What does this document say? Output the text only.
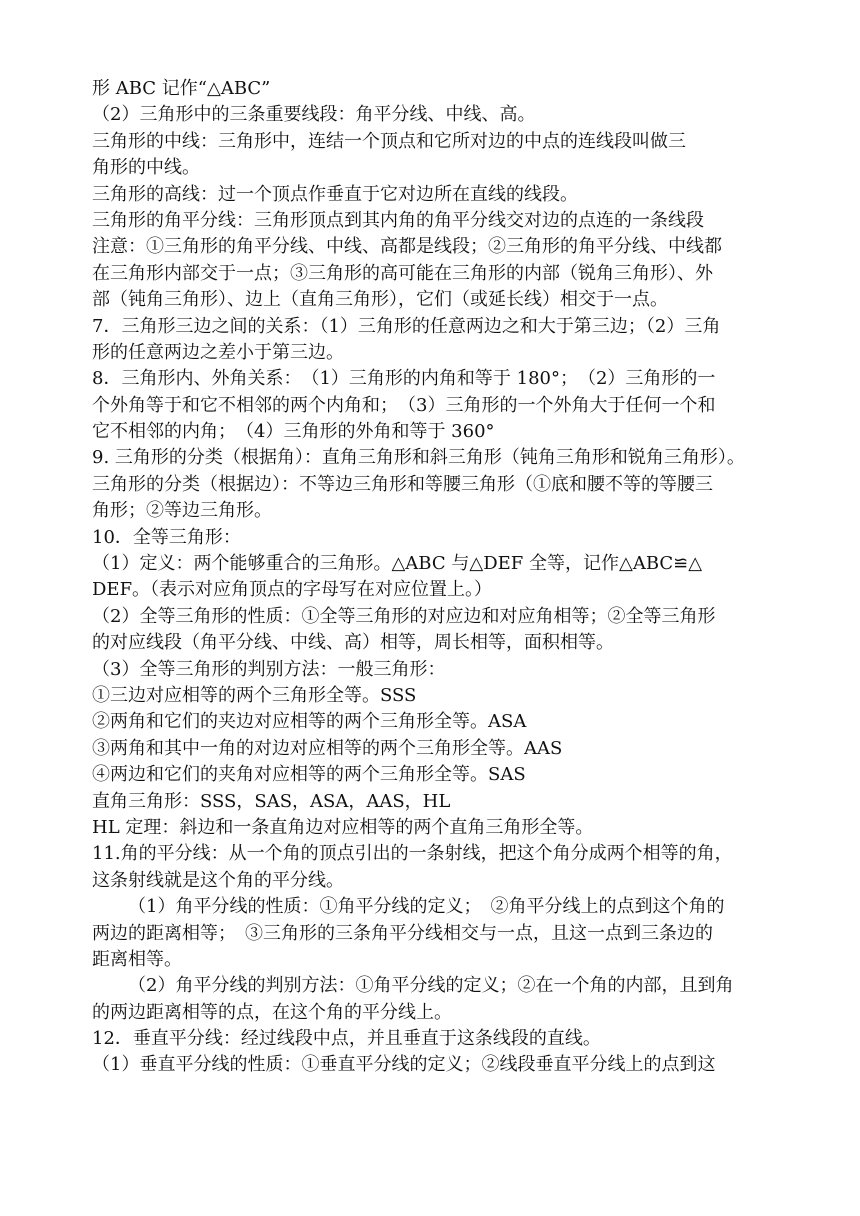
形 ABC 记作“△ABC”
（2）三角形中的三条重要线段：角平分线、中线、高。
三角形的中线：三角形中，连结一个顶点和它所对边的中点的连线段叫做三
角形的中线。
三角形的高线：过一个顶点作垂直于它对边所在直线的线段。
三角形的角平分线：三角形顶点到其内角的角平分线交对边的点连的一条线段
注意：①三角形的角平分线、中线、高都是线段；②三角形的角平分线、中线都
在三角形内部交于一点；③三角形的高可能在三角形的内部（锐角三角形）、外
部（钝角三角形）、边上（直角三角形），它们（或延长线）相交于一点。
7．三角形三边之间的关系：（1）三角形的任意两边之和大于第三边；（2）三角
形的任意两边之差小于第三边。
8．三角形内、外角关系：　（1）三角形的内角和等于 180°；　（2）三角形的一
个外角等于和它不相邻的两个内角和；　（3）三角形的一个外角大于任何一个和
它不相邻的内角；　（4）三角形的外角和等于 360°
9. 三角形的分类（根据角）：直角三角形和斜三角形（钝角三角形和锐角三角形）。
三角形的分类（根据边）：不等边三角形和等腰三角形（①底和腰不等的等腰三
角形；②等边三角形。
10．全等三角形：
（1）定义：两个能够重合的三角形。△ABC 与△DEF 全等，记作△ABC≌△
DEF。（表示对应角顶点的字母写在对应位置上。）
（2）全等三角形的性质：①全等三角形的对应边和对应角相等；②全等三角形
的对应线段（角平分线、中线、高）相等，周长相等，面积相等。
（3）全等三角形的判别方法：一般三角形：
①三边对应相等的两个三角形全等。SSS
②两角和它们的夹边对应相等的两个三角形全等。ASA
③两角和其中一角的对边对应相等的两个三角形全等。AAS
④两边和它们的夹角对应相等的两个三角形全等。SAS
直角三角形：SSS，SAS，ASA，AAS，HL
HL 定理：斜边和一条直角边对应相等的两个直角三角形全等。
11.角的平分线：从一个角的顶点引出的一条射线，把这个角分成两个相等的角，
这条射线就是这个角的平分线。
（1）角平分线的性质：①角平分线的定义；　②角平分线上的点到这个角的
两边的距离相等；　③三角形的三条角平分线相交与一点，且这一点到三条边的
距离相等。
（2）角平分线的判别方法：①角平分线的定义；②在一个角的内部，且到角
的两边距离相等的点，在这个角的平分线上。
12．垂直平分线：经过线段中点，并且垂直于这条线段的直线。
（1）垂直平分线的性质：①垂直平分线的定义；②线段垂直平分线上的点到这
